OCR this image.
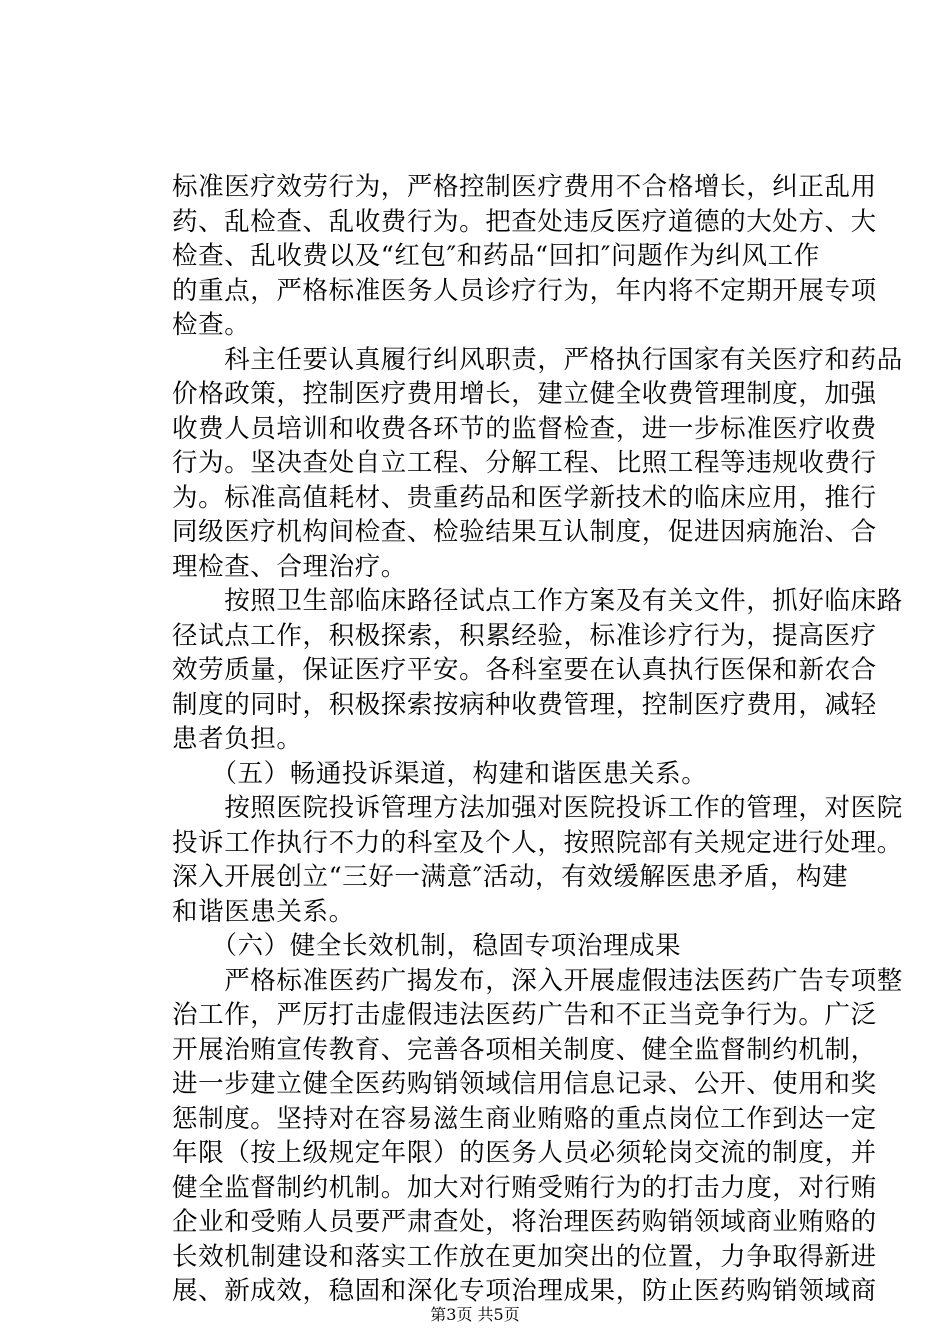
标准医疗效劳行为，严格控制医疗费用不合格增长，纠正乱用
药、乱检查、乱收费行为。把查处违反医疗道德的大处方、大
检查、乱收费以及“红包″和药品“回扣″问题作为纠风工作
的重点，严格标准医务人员诊疗行为，年内将不定期开展专项
检查。
　　科主任要认真履行纠风职责，严格执行国家有关医疗和药品
价格政策，控制医疗费用增长，建立健全收费管理制度，加强
收费人员培训和收费各环节的监督检查，进一步标准医疗收费
行为。坚决查处自立工程、分解工程、比照工程等违规收费行
为。标准高值耗材、贵重药品和医学新技术的临床应用，推行
同级医疗机构间检查、检验结果互认制度，促进因病施治、合
理检查、合理治疗。
　　按照卫生部临床路径试点工作方案及有关文件，抓好临床路
径试点工作，积极探索，积累经验，标准诊疗行为，提高医疗
效劳质量，保证医疗平安。各科室要在认真执行医保和新农合
制度的同时，积极探索按病种收费管理，控制医疗费用，减轻
患者负担。
　　（五）畅通投诉渠道，构建和谐医患关系。
　　按照医院投诉管理方法加强对医院投诉工作的管理，对医院
投诉工作执行不力的科室及个人，按照院部有关规定进行处理。
深入开展创立“三好一满意″活动，有效缓解医患矛盾，构建
和谐医患关系。
　　（六）健全长效机制，稳固专项治理成果
　　严格标准医药广揭发布，深入开展虚假违法医药广告专项整
治工作，严厉打击虚假违法医药广告和不正当竞争行为。广泛
开展治贿宣传教育、完善各项相关制度、健全监督制约机制，
进一步建立健全医药购销领域信用信息记录、公开、使用和奖
惩制度。坚持对在容易滋生商业贿赂的重点岗位工作到达一定
年限（按上级规定年限）的医务人员必须轮岗交流的制度，并
健全监督制约机制。加大对行贿受贿行为的打击力度，对行贿
企业和受贿人员要严肃查处，将治理医药购销领域商业贿赂的
长效机制建设和落实工作放在更加突出的位置，力争取得新进
展、新成效，稳固和深化专项治理成果，防止医药购销领域商
第3页 共5页
